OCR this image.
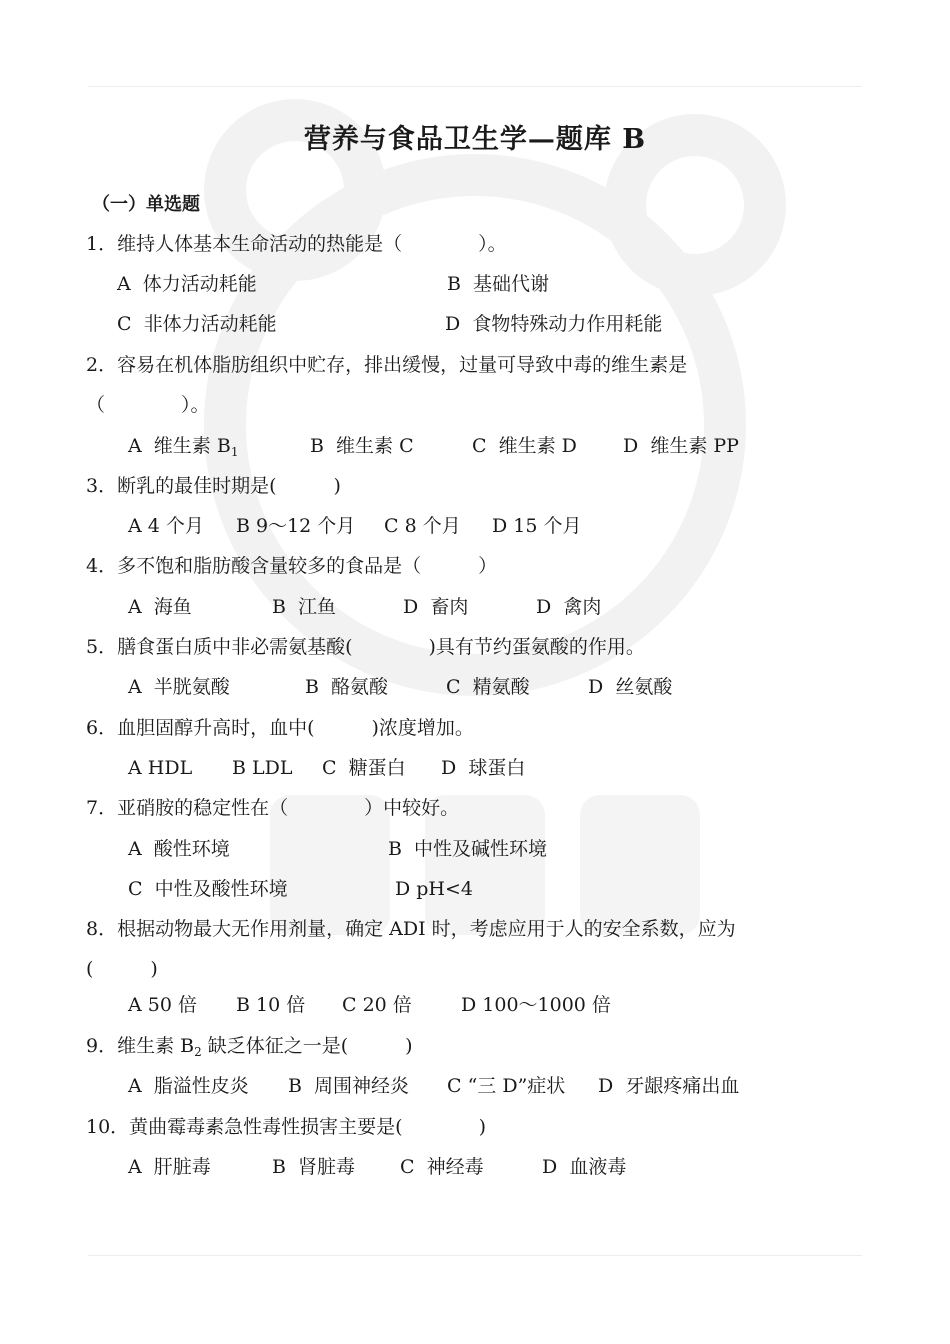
营养与食品卫生学—题库 B
（一）单选题
1．维持人体基本生命活动的热能是（　　　　）。
A  体力活动耗能	B  基础代谢
C  非体力活动耗能	D  食物特殊动力作用耗能
2．容易在机体脂肪组织中贮存，排出缓慢，过量可导致中毒的维生素是
（　　　　）。
A  维生素 $B_1$	B  维生素 C	C  维生素 D D  维生素 PP
3．断乳的最佳时期是(　　　)
A 4 个月 B 9～12 个月 C 8 个月 D 15 个月
4．多不饱和脂肪酸含量较多的食品是（　　　）
A  海鱼	B  江鱼	D  畜肉	D  禽肉
5．膳食蛋白质中非必需氨基酸(　　　　)具有节约蛋氨酸的作用。
A  半胱氨酸	B  酪氨酸	C  精氨酸	D  丝氨酸
6．血胆固醇升高时，血中(　　　)浓度增加。
A HDL B LDL C  糖蛋白 D  球蛋白
7．亚硝胺的稳定性在（　　　　）中较好。
A  酸性环境	B  中性及碱性环境
C  中性及酸性环境	D pH<4
8．根据动物最大无作用剂量，确定 ADI 时，考虑应用于人的安全系数，应为
(　　　)
A 50 倍 B 10 倍 C 20 倍	D 100～1000 倍
9．维生素 $B_2$ 缺乏体征之一是(　　　)
A  脂溢性皮炎 B  周围神经炎 C “三 D”症状 D  牙龈疼痛出血
10．黄曲霉毒素急性毒性损害主要是(　　　　)
A  肝脏毒	B  肾脏毒 C  神经毒	D  血液毒
